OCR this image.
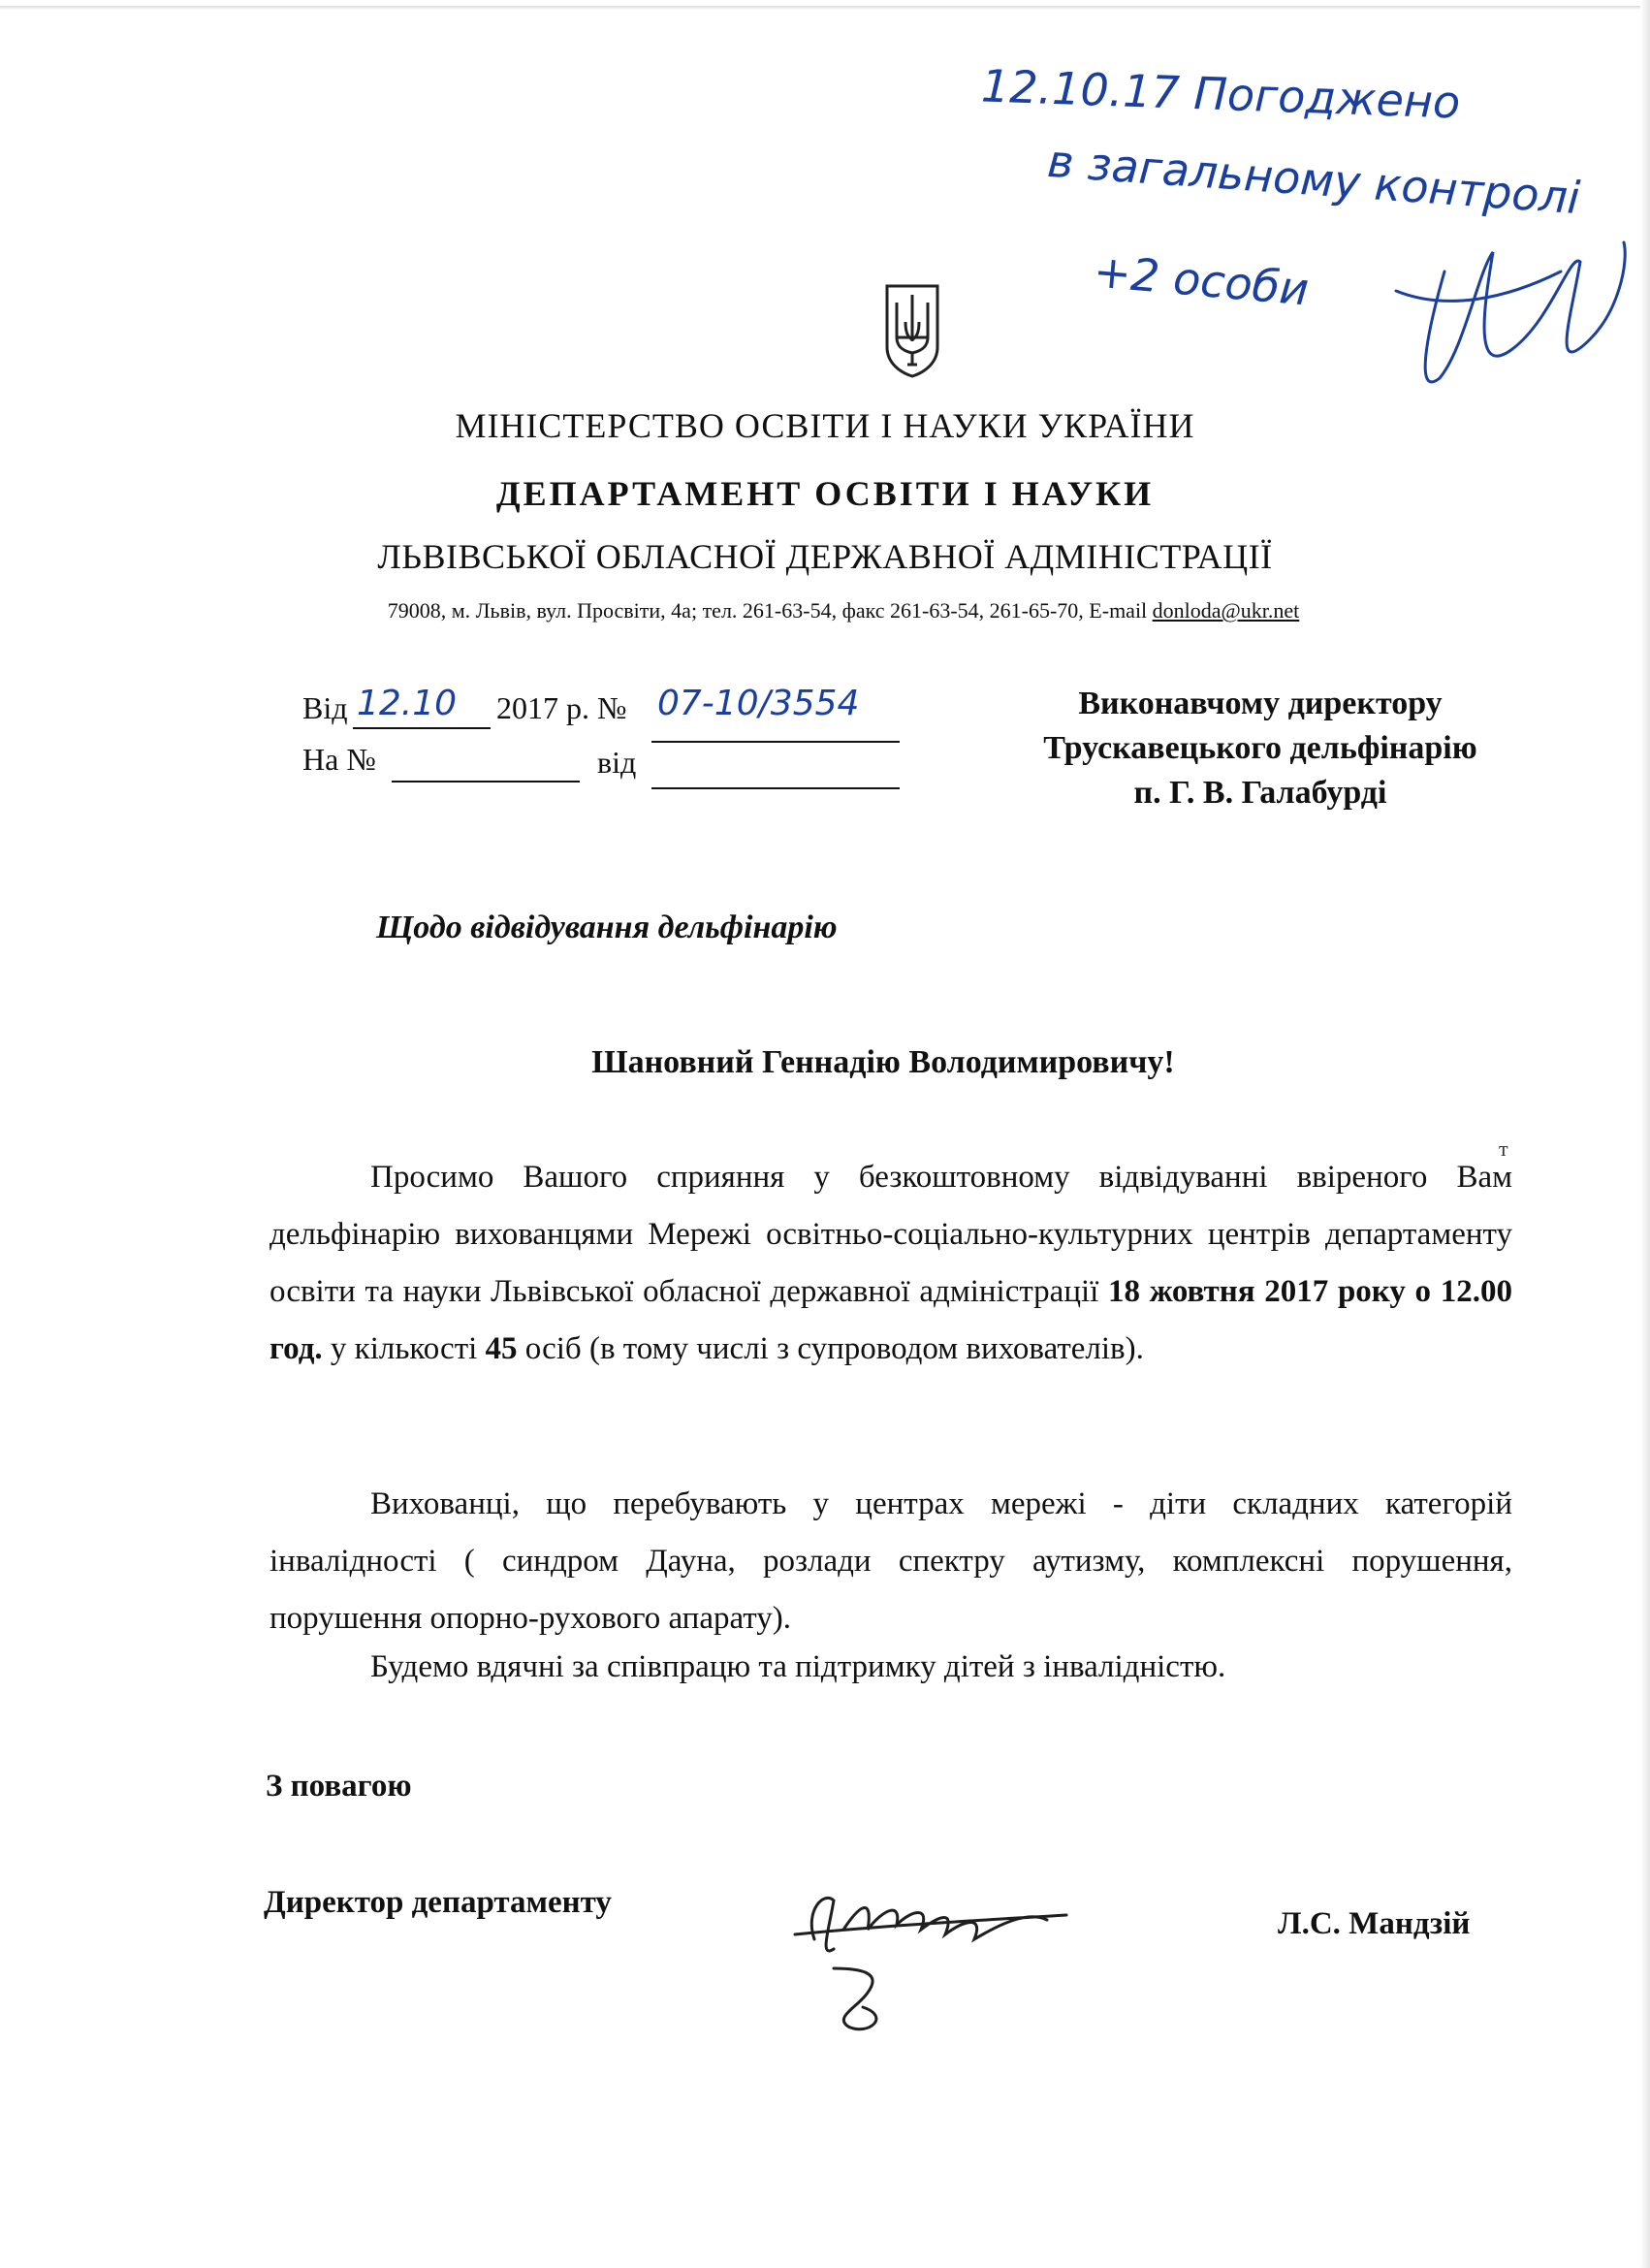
12.10.17 Погоджено
в загальному контролі
+2 особи
МІНІСТЕРСТВО ОСВІТИ І НАУКИ УКРАЇНИ
ДЕПАРТАМЕНТ ОСВІТИ І НАУКИ
ЛЬВІВСЬКОЇ ОБЛАСНОЇ ДЕРЖАВНОЇ АДМІНІСТРАЦІЇ
79008, м. Львів, вул. Просвіти, 4а; тел. 261-63-54, факс 261-63-54, 261-65-70, E-mail donloda@ukr.net
Від 12.10 2017 р. № 07-10/3554
На №	від
Виконавчому директору
Трускавецького дельфінарію
п. Г. В. Галабурді
Щодо відвідування дельфінарію
Шановний Геннадію Володимировичу!
т
Просимо Вашого сприяння у безкоштовному відвідуванні ввіреного Вам дельфінарію вихованцями Мережі освітньо-соціально-культурних центрів департаменту освіти та науки Львівської обласної державної адміністрації 18 жовтня 2017 року о 12.00 год. у кількості 45 осіб (в тому числі з супроводом вихователів).
Вихованці, що перебувають у центрах мережі - діти складних категорій інвалідності ( синдром Дауна, розлади спектру аутизму, комплексні порушення, порушення опорно-рухового апарату).
Будемо вдячні за співпрацю та підтримку дітей з інвалідністю.
З повагою
Директор департаменту
Л.С. Мандзій
